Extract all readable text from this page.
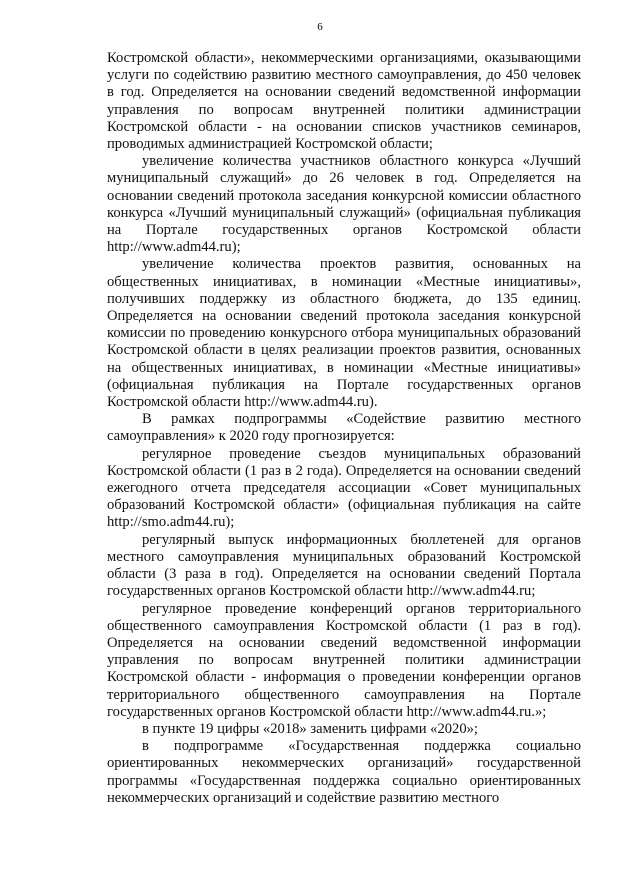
6

Костромской области», некоммерческими организациями, оказывающими услуги по содействию развитию местного самоуправления, до 450 человек в год. Определяется на основании сведений ведомственной информации управления по вопросам внутренней политики администрации Костромской области - на основании списков участников семинаров, проводимых администрацией Костромской области;

увеличение количества участников областного конкурса «Лучший муниципальный служащий» до 26 человек в год. Определяется на основании сведений протокола заседания конкурсной комиссии областного конкурса «Лучший муниципальный служащий» (официальная публикация на Портале государственных органов Костромской области http://www.adm44.ru);

увеличение количества проектов развития, основанных на общественных инициативах, в номинации «Местные инициативы», получивших поддержку из областного бюджета, до 135 единиц. Определяется на основании сведений протокола заседания конкурсной комиссии по проведению конкурсного отбора муниципальных образований Костромской области в целях реализации проектов развития, основанных на общественных инициативах, в номинации «Местные инициативы» (официальная публикация на Портале государственных органов Костромской области http://www.adm44.ru).

В рамках подпрограммы «Содействие развитию местного самоуправления» к 2020 году прогнозируется:

регулярное проведение съездов муниципальных образований Костромской области (1 раз в 2 года). Определяется на основании сведений ежегодного отчета председателя ассоциации «Совет муниципальных образований Костромской области» (официальная публикация на сайте http://smo.adm44.ru);

регулярный выпуск информационных бюллетеней для органов местного самоуправления муниципальных образований Костромской области (3 раза в год). Определяется на основании сведений Портала государственных органов Костромской области http://www.adm44.ru;

регулярное проведение конференций органов территориального общественного самоуправления Костромской области (1 раз в год). Определяется на основании сведений ведомственной информации управления по вопросам внутренней политики администрации Костромской области - информация о проведении конференции органов территориального общественного самоуправления на Портале государственных органов Костромской области http://www.adm44.ru.»;

в пункте 19 цифры «2018» заменить цифрами «2020»;

в подпрограмме «Государственная поддержка социально ориентированных некоммерческих организаций» государственной программы «Государственная поддержка социально ориентированных некоммерческих организаций и содействие развитию местного
